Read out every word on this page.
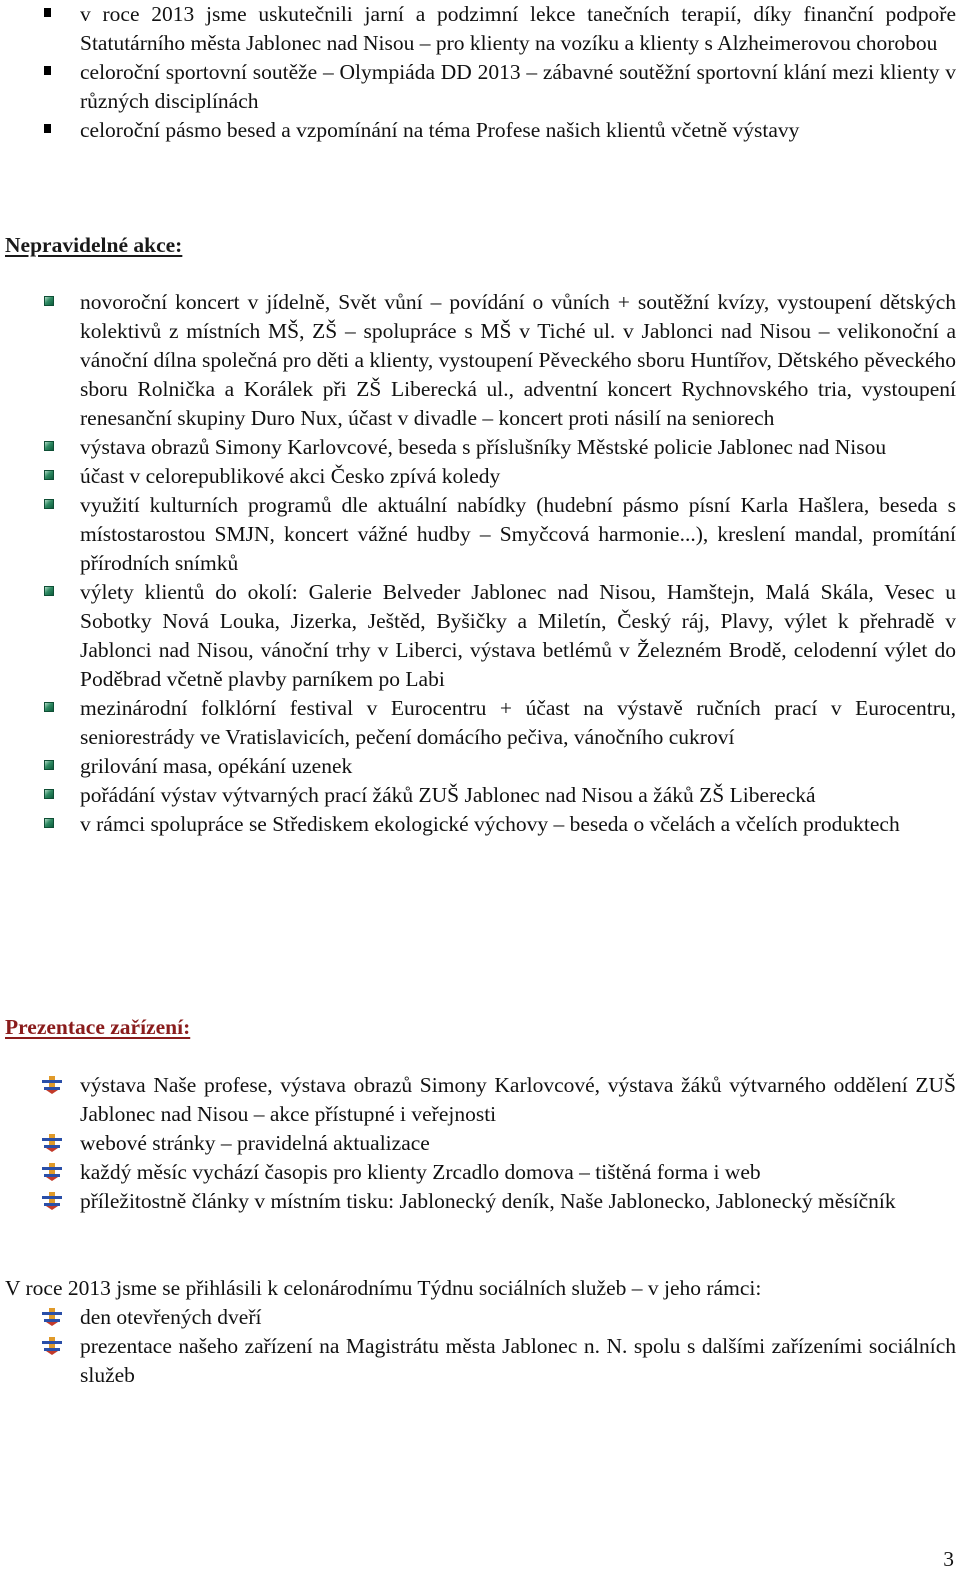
v roce 2013 jsme uskutečnili jarní a podzimní lekce tanečních terapií, díky finanční podpoře Statutárního města Jablonec nad Nisou – pro klienty na vozíku a klienty s Alzheimerovou chorobou
celoroční sportovní soutěže – Olympiáda DD 2013 – zábavné soutěžní sportovní klání mezi klienty v různých disciplínách
celoroční pásmo besed a vzpomínání na téma Profese našich klientů včetně výstavy
Nepravidelné akce:
novoroční koncert v jídelně, Svět vůní – povídání o vůních + soutěžní kvízy, vystoupení dětských kolektivů z místních MŠ, ZŠ – spolupráce s MŠ v Tiché ul. v Jablonci nad Nisou – velikonoční a vánoční dílna společná pro děti a klienty, vystoupení Pěveckého sboru Huntířov, Dětského pěveckého sboru Rolnička a Korálek při ZŠ Liberecká ul., adventní koncert Rychnovského tria, vystoupení renesanční skupiny Duro Nux, účast v divadle – koncert proti násilí na seniorech
výstava obrazů Simony Karlovcové, beseda s příslušníky Městské policie Jablonec nad Nisou
účast v celorepublikové akci Česko zpívá koledy
využití kulturních programů dle aktuální nabídky (hudební pásmo písní Karla Hašlera, beseda s místostarostou SMJN, koncert vážné hudby – Smyčcová harmonie...), kreslení mandal, promítání přírodních snímků
výlety klientů do okolí: Galerie Belveder Jablonec nad Nisou, Hamštejn, Malá Skála, Vesec u Sobotky Nová Louka, Jizerka, Ještěd, Byšičky a Miletín, Český ráj, Plavy, výlet k přehradě v Jablonci nad Nisou, vánoční trhy v Liberci, výstava betlémů v Železném Brodě, celodenní výlet do Poděbrad včetně plavby parníkem po Labi
mezinárodní folklórní festival v Eurocentru + účast na výstavě ručních prací v Eurocentru, seniorestrády ve Vratislavicích, pečení domácího pečiva, vánočního cukroví
grilování masa, opékání uzenek
pořádání výstav výtvarných prací žáků ZUŠ Jablonec nad Nisou a žáků ZŠ Liberecká
v rámci spolupráce se Střediskem ekologické výchovy – beseda o včelách a včelích produktech
Prezentace zařízení:
výstava Naše profese, výstava obrazů Simony Karlovcové, výstava žáků výtvarného oddělení ZUŠ Jablonec nad Nisou – akce přístupné i veřejnosti
webové stránky – pravidelná aktualizace
každý měsíc vychází časopis pro klienty Zrcadlo domova – tištěná forma i web
příležitostně články v místním tisku: Jablonecký deník, Naše Jablonecko, Jablonecký měsíčník
V roce 2013 jsme se přihlásili k celonárodnímu Týdnu sociálních služeb – v jeho rámci:
den otevřených dveří
prezentace našeho zařízení na Magistrátu města Jablonec n. N. spolu s dalšími zařízeními sociálních služeb
3
